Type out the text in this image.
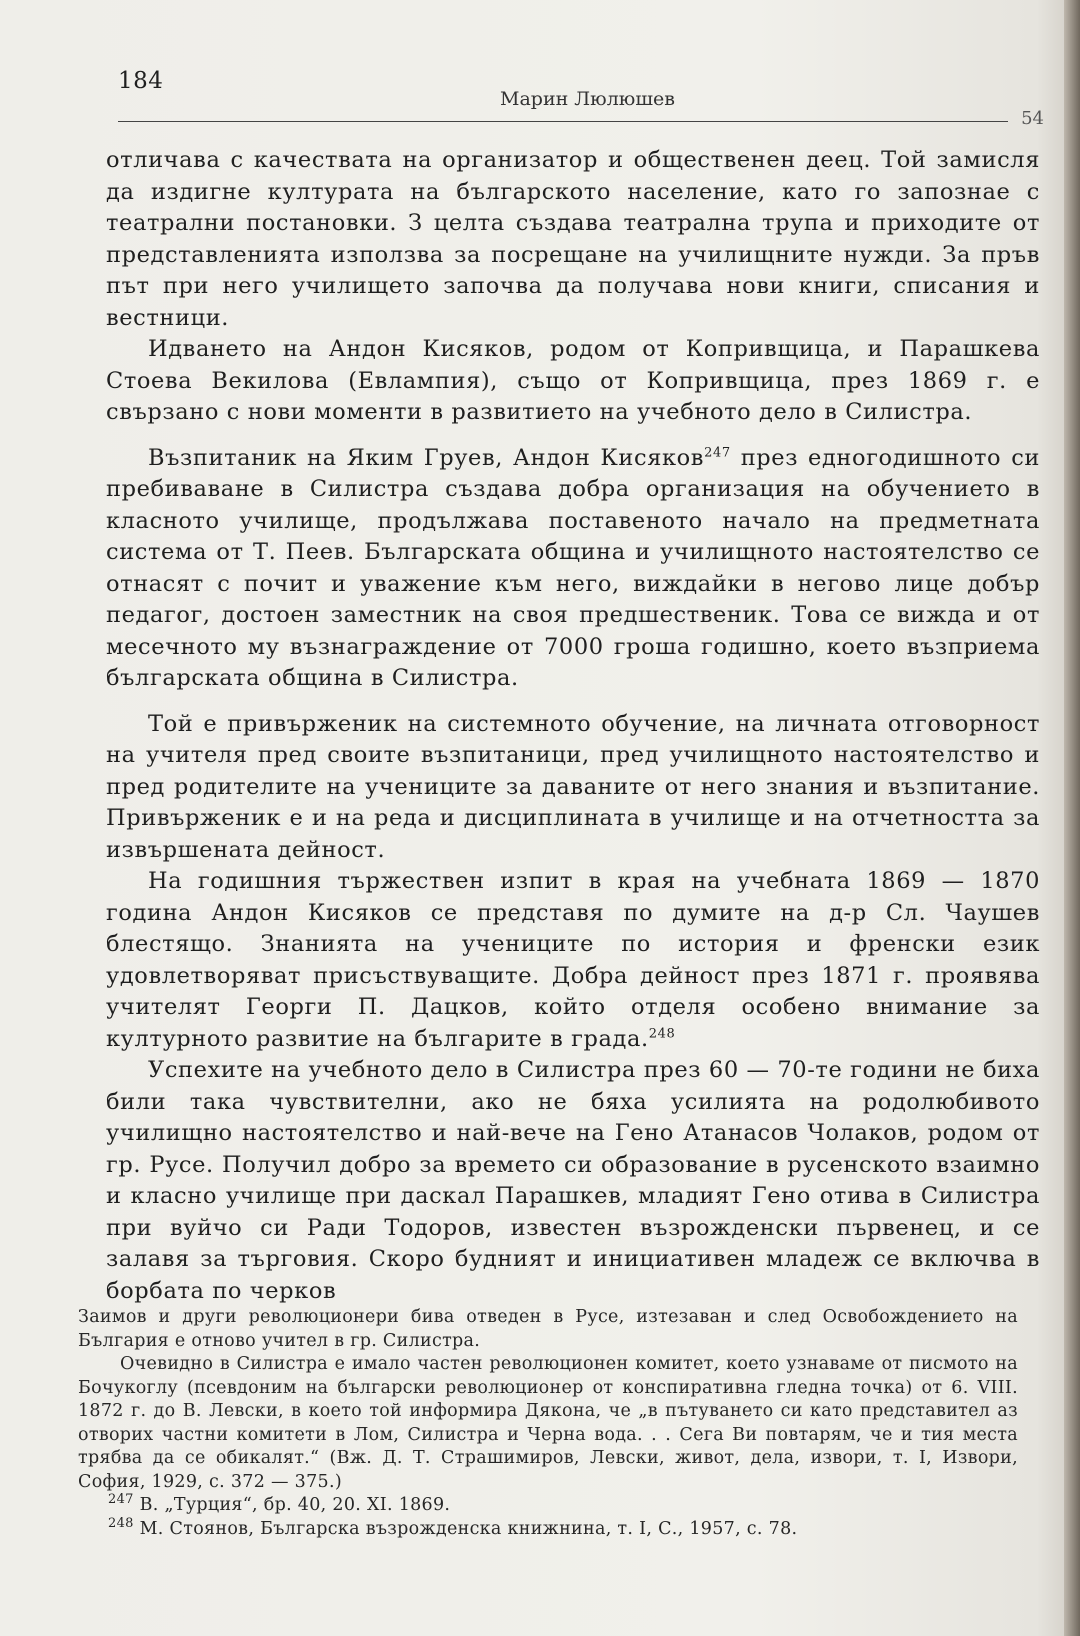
184
Марин Люлюшев
54

отличава с качествата на организатор и общественен деец. Той замисля да издигне културата на българското население, като го запознае с театрални постановки. З целта създава театрална трупа и приходите от представленията използва за посрещане на училищните нужди. За пръв път при него училището започва да получава нови книги, списания и вестници.

Идването на Андон Кисяков, родом от Копривщица, и Парашкева Стоева Векилова (Евлампия), също от Копривщица, през 1869 г. е свързано с нови моменти в развитието на учебното дело в Силистра.

Възпитаник на Яким Груев, Андон Кисяков$^{247}$ през едногодишното си пребиваване в Силистра създава добра организация на обучението в класното училище, продължава поставеното начало на предметната система от Т. Пеев. Българската община и училищното настоятелство се отнасят с почит и уважение към него, виждайки в негово лице добър педагог, достоен заместник на своя предшественик. Това се вижда и от месечното му възнаграждение от 7000 гроша годишно, което възприема българската община в Силистра.

Той е привърженик на системното обучение, на личната отговорност на учителя пред своите възпитаници, пред училищното настоятелство и пред родителите на учениците за даваните от него знания и възпитание. Привърженик е и на реда и дисциплината в училище и на отчетността за извършената дейност.

На годишния тържествен изпит в края на учебната 1869 — 1870 година Андон Кисяков се представя по думите на д-р Сл. Чаушев блестящо. Знанията на учениците по история и френски език удовлетворяват присъствуващите. Добра дейност през 1871 г. проявява учителят Георги П. Дацков, който отделя особено внимание за културното развитие на българите в града.$^{248}$

Успехите на учебното дело в Силистра през 60 — 70-те години не биха били така чувствителни, ако не бяха усилията на родолюбивото училищно настоятелство и най-вече на Гено Атанасов Чолаков, родом от гр. Русе. Получил добро за времето си образование в русенското взаимно и класно училище при даскал Парашкев, младият Гено отива в Силистра при вуйчо си Ради Тодоров, известен възрожденски първенец, и се залавя за търговия. Скоро будният и инициативен младеж се включва в борбата по черков

Заимов и други революционери бива отведен в Русе, изтезаван и след Освобождението на България е отново учител в гр. Силистра.

Очевидно в Силистра е имало частен революционен комитет, което узнаваме от писмото на Бочукоглу (псевдоним на български революционер от конспиративна гледна точка) от 6. VIII. 1872 г. до В. Левски, в което той информира Дякона, че „в пътуването си като представител аз отворих частни комитети в Лом, Силистра и Черна вода. . . Сега Ви повтарям, че и тия места трябва да се обикалят.“ (Вж. Д. Т. Страшимиров, Левски, живот, дела, извори, т. I, Извори, София, 1929, с. 372 — 375.)

$^{247}$ В. „Турция“, бр. 40, 20. XI. 1869.

$^{248}$ М. Стоянов, Българска възрожденска книжнина, т. I, С., 1957, с. 78.
